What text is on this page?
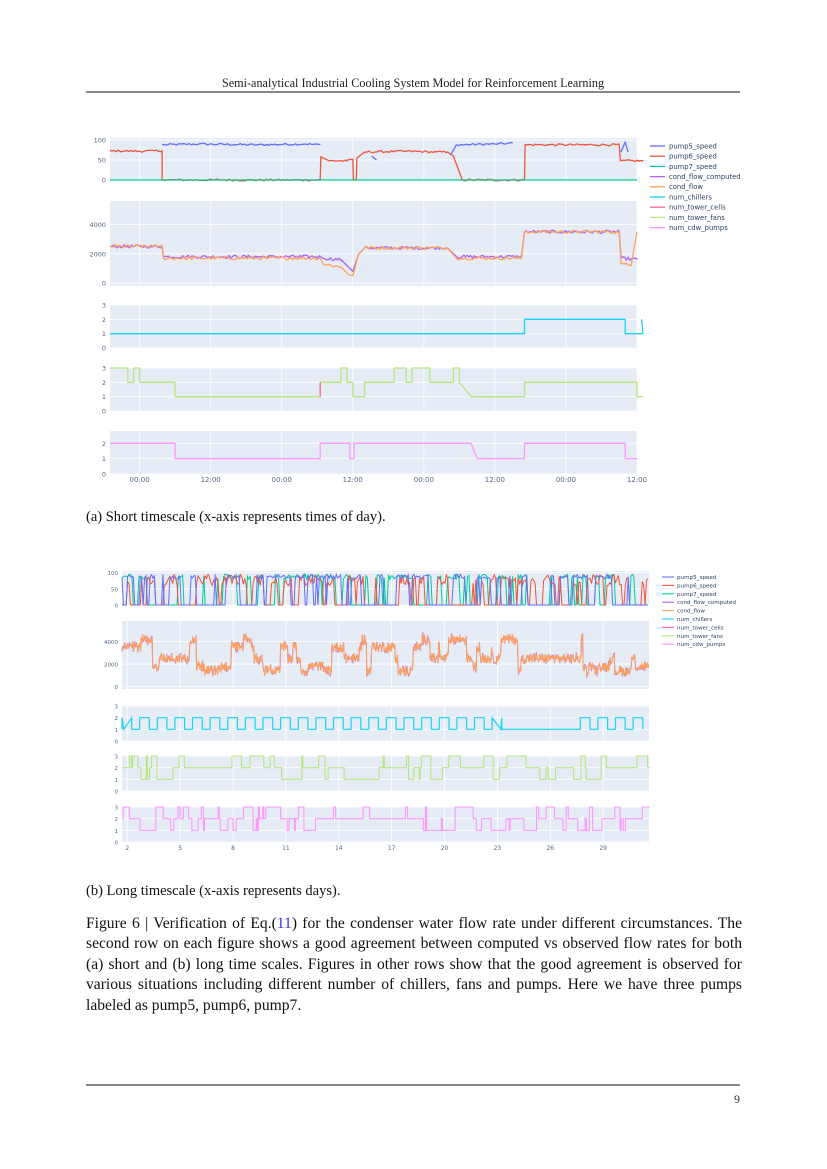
Semi-analytical Industrial Cooling System Model for Reinforcement Learning
0
50
100
0
2000
4000
0
1
2
3
0
1
2
3
0
1
2
00:00	12:00	00:00	12:00	00:00	12:00	00:00	12:00
pump5_speed
pump6_speed
pump7_speed
cond_flow_computed
cond_flow
num_chillers
num_tower_cells
num_tower_fans
num_cdw_pumps
(a) Short timescale (x-axis represents times of day).
0
50
100
0
2000
4000
0
1
2
3
0
1
2
3
0
1
2
3
2	5	8	11	14	17	20	23	26	29
pump5_speed
pump6_speed
pump7_speed
cond_flow_computed
cond_flow
num_chillers
num_tower_cells
num_tower_fans
num_cdw_pumps
(b) Long timescale (x-axis represents days).
Figure 6 | Verification of Eq.(11) for the condenser water flow rate under different circumstances. The second row on each figure shows a good agreement between computed vs observed flow rates for both (a) short and (b) long time scales. Figures in other rows show that the good agreement is observed for various situations including different number of chillers, fans and pumps. Here we have three pumps labeled as pump5, pump6, pump7.
9
